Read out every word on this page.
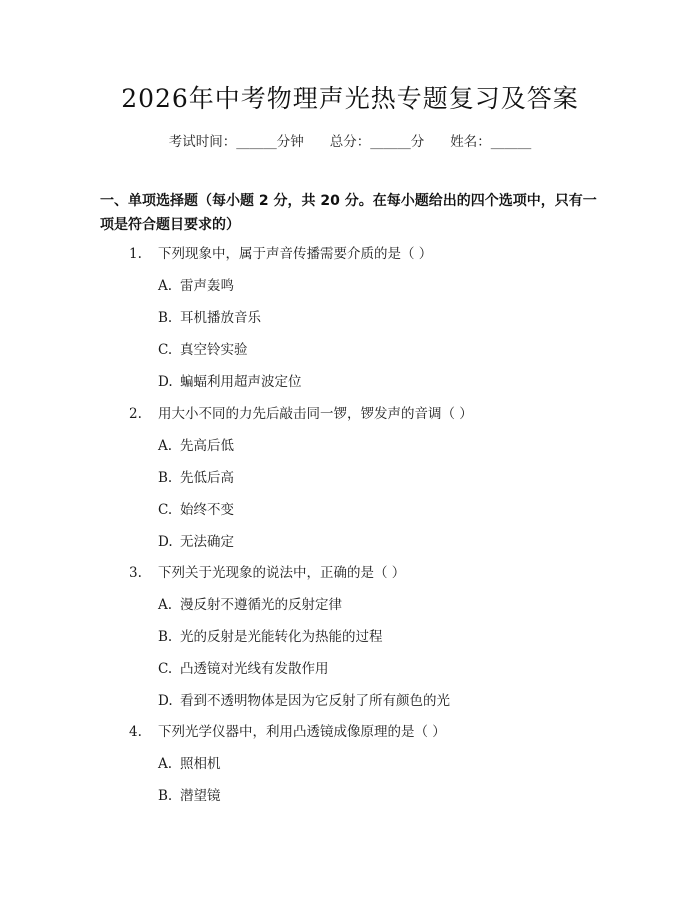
2026年中考物理声光热专题复习及答案
考试时间：______分钟 总分：______分 姓名：______
一、单项选择题（每小题 2 分，共 20 分。在每小题给出的四个选项中，只有一项是符合题目要求的）
1. 下列现象中，属于声音传播需要介质的是（ ）
A. 雷声轰鸣
B. 耳机播放音乐
C. 真空铃实验
D. 蝙蝠利用超声波定位
2. 用大小不同的力先后敲击同一锣，锣发声的音调（ ）
A. 先高后低
B. 先低后高
C. 始终不变
D. 无法确定
3. 下列关于光现象的说法中，正确的是（ ）
A. 漫反射不遵循光的反射定律
B. 光的反射是光能转化为热能的过程
C. 凸透镜对光线有发散作用
D. 看到不透明物体是因为它反射了所有颜色的光
4. 下列光学仪器中，利用凸透镜成像原理的是（ ）
A. 照相机
B. 潜望镜
